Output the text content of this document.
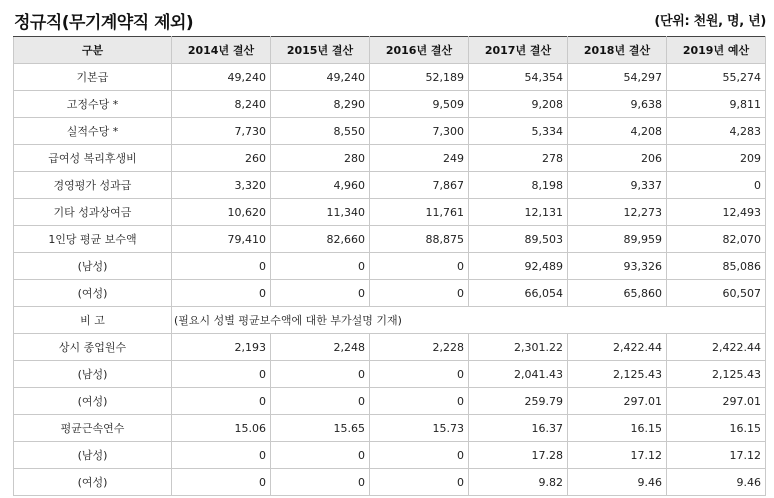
정규직(무기계약직 제외)	(단위: 천원, 명, 년)
구분	2014년 결산	2015년 결산	2016년 결산	2017년 결산	2018년 결산	2019년 예산
기본급	49,240	49,240	52,189	54,354	54,297	55,274
고정수당 *	8,240	8,290	9,509	9,208	9,638	9,811
실적수당 *	7,730	8,550	7,300	5,334	4,208	4,283
급여성 복리후생비	260	280	249	278	206	209
경영평가 성과급	3,320	4,960	7,867	8,198	9,337	0
기타 성과상여금	10,620	11,340	11,761	12,131	12,273	12,493
1인당 평균 보수액	79,410	82,660	88,875	89,503	89,959	82,070
(남성)	0	0	0	92,489	93,326	85,086
(여성)	0	0	0	66,054	65,860	60,507
비 고	(필요시 성별 평균보수액에 대한 부가설명 기재)					
상시 종업원수	2,193	2,248	2,228	2,301.22	2,422.44	2,422.44
(남성)	0	0	0	2,041.43	2,125.43	2,125.43
(여성)	0	0	0	259.79	297.01	297.01
평균근속연수	15.06	15.65	15.73	16.37	16.15	16.15
(남성)	0	0	0	17.28	17.12	17.12
(여성)	0	0	0	9.82	9.46	9.46
